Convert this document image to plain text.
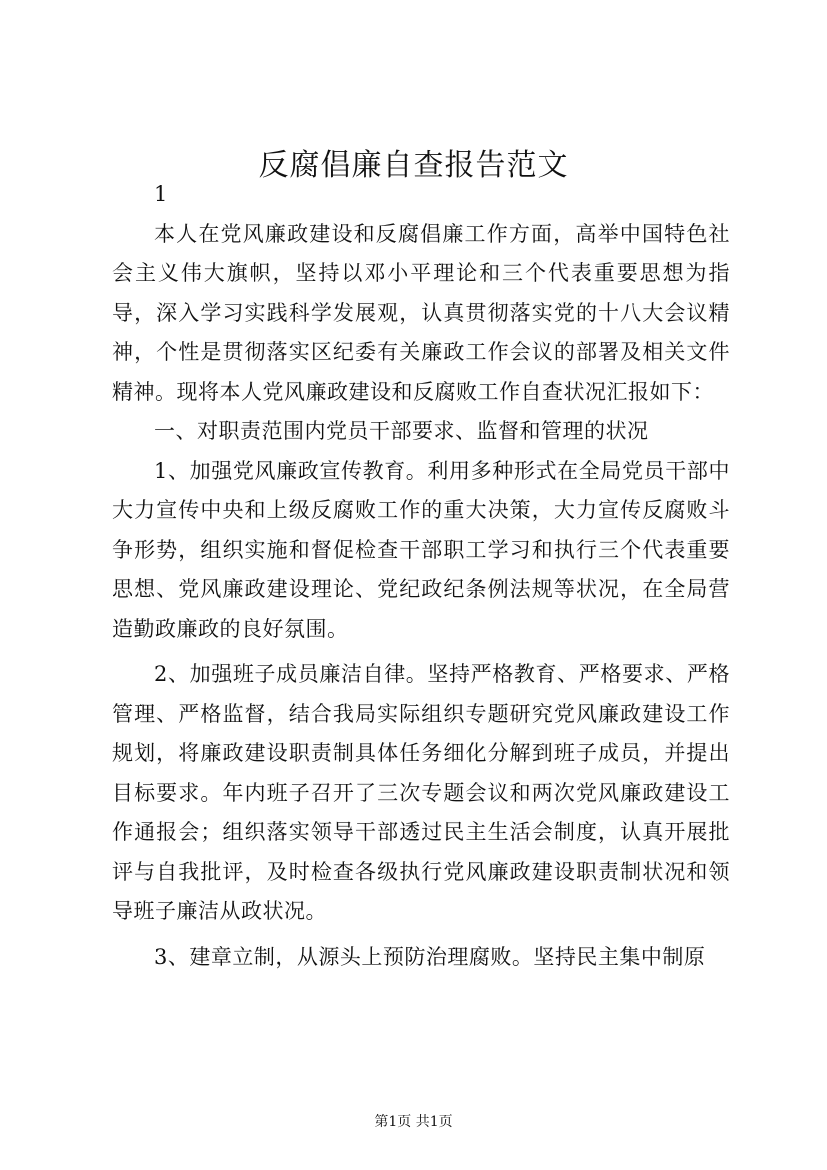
反腐倡廉自查报告范文

1

本人在党风廉政建设和反腐倡廉工作方面，高举中国特色社会主义伟大旗帜，坚持以邓小平理论和三个代表重要思想为指导，深入学习实践科学发展观，认真贯彻落实党的十八大会议精神，个性是贯彻落实区纪委有关廉政工作会议的部署及相关文件精神。现将本人党风廉政建设和反腐败工作自查状况汇报如下：

一、对职责范围内党员干部要求、监督和管理的状况

1、加强党风廉政宣传教育。利用多种形式在全局党员干部中大力宣传中央和上级反腐败工作的重大决策，大力宣传反腐败斗争形势，组织实施和督促检查干部职工学习和执行三个代表重要思想、党风廉政建设理论、党纪政纪条例法规等状况，在全局营造勤政廉政的良好氛围。

2、加强班子成员廉洁自律。坚持严格教育、严格要求、严格管理、严格监督，结合我局实际组织专题研究党风廉政建设工作规划，将廉政建设职责制具体任务细化分解到班子成员，并提出目标要求。年内班子召开了三次专题会议和两次党风廉政建设工作通报会；组织落实领导干部透过民主生活会制度，认真开展批评与自我批评，及时检查各级执行党风廉政建设职责制状况和领导班子廉洁从政状况。

3、建章立制，从源头上预防治理腐败。坚持民主集中制原

第1页 共1页
